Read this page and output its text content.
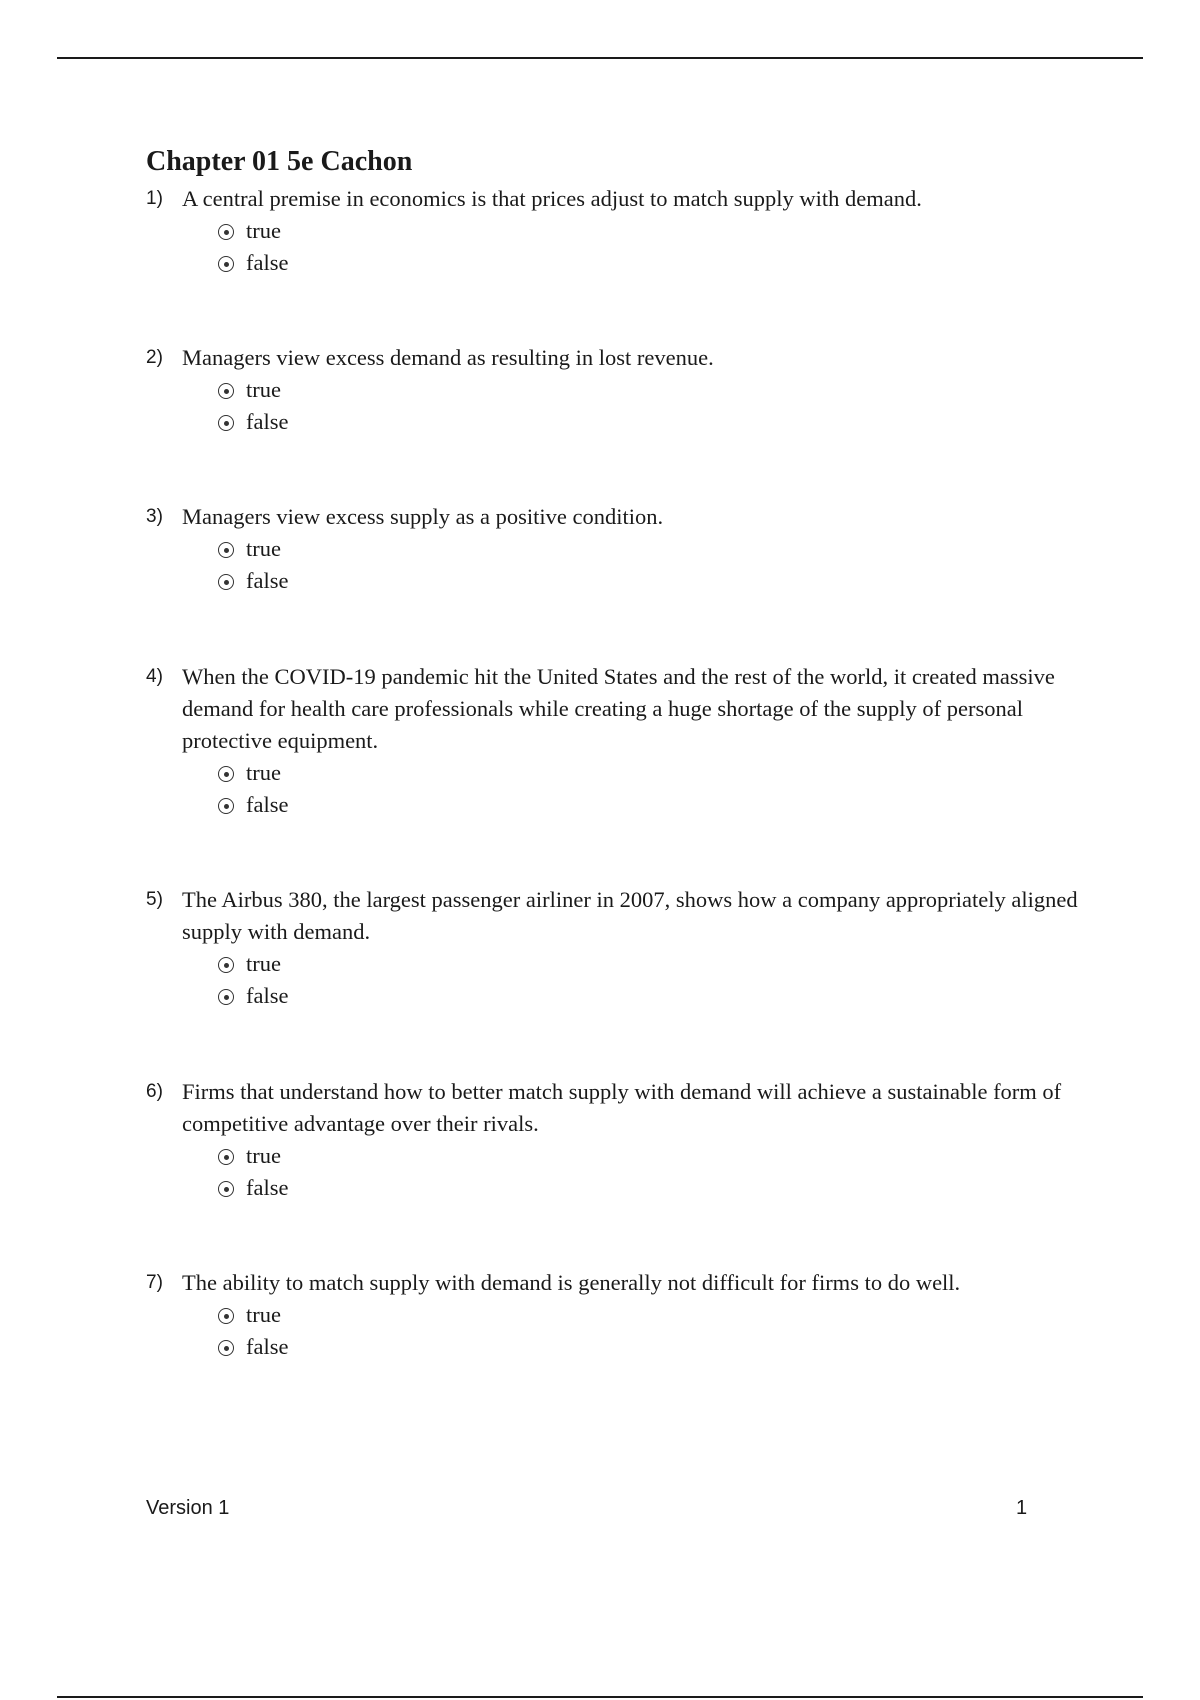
Chapter 01 5e Cachon
1) A central premise in economics is that prices adjust to match supply with demand.
true
false
2) Managers view excess demand as resulting in lost revenue.
true
false
3) Managers view excess supply as a positive condition.
true
false
4) When the COVID-19 pandemic hit the United States and the rest of the world, it created massive demand for health care professionals while creating a huge shortage of the supply of personal protective equipment.
true
false
5) The Airbus 380, the largest passenger airliner in 2007, shows how a company appropriately aligned supply with demand.
true
false
6) Firms that understand how to better match supply with demand will achieve a sustainable form of competitive advantage over their rivals.
true
false
7) The ability to match supply with demand is generally not difficult for firms to do well.
true
false
Version 1	1
